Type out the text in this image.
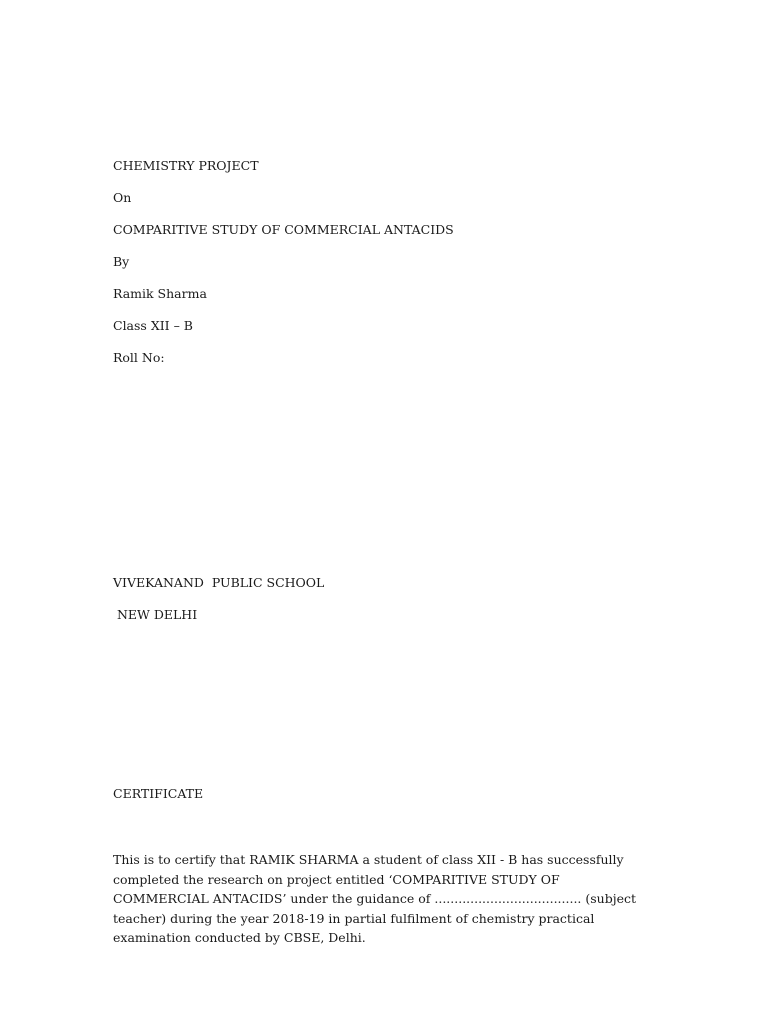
CHEMISTRY PROJECT
On
COMPARITIVE STUDY OF COMMERCIAL ANTACIDS
By
Ramik Sharma
Class XII – B
Roll No:
VIVEKANAND  PUBLIC SCHOOL
NEW DELHI
CERTIFICATE
This is to certify that RAMIK SHARMA a student of class XII - B has successfully completed the research on project entitled ‘COMPARITIVE STUDY OF COMMERCIAL ANTACIDS’ under the guidance of ..................................... (subject teacher) during the year 2018-19 in partial fulfilment of chemistry practical examination conducted by CBSE, Delhi.
